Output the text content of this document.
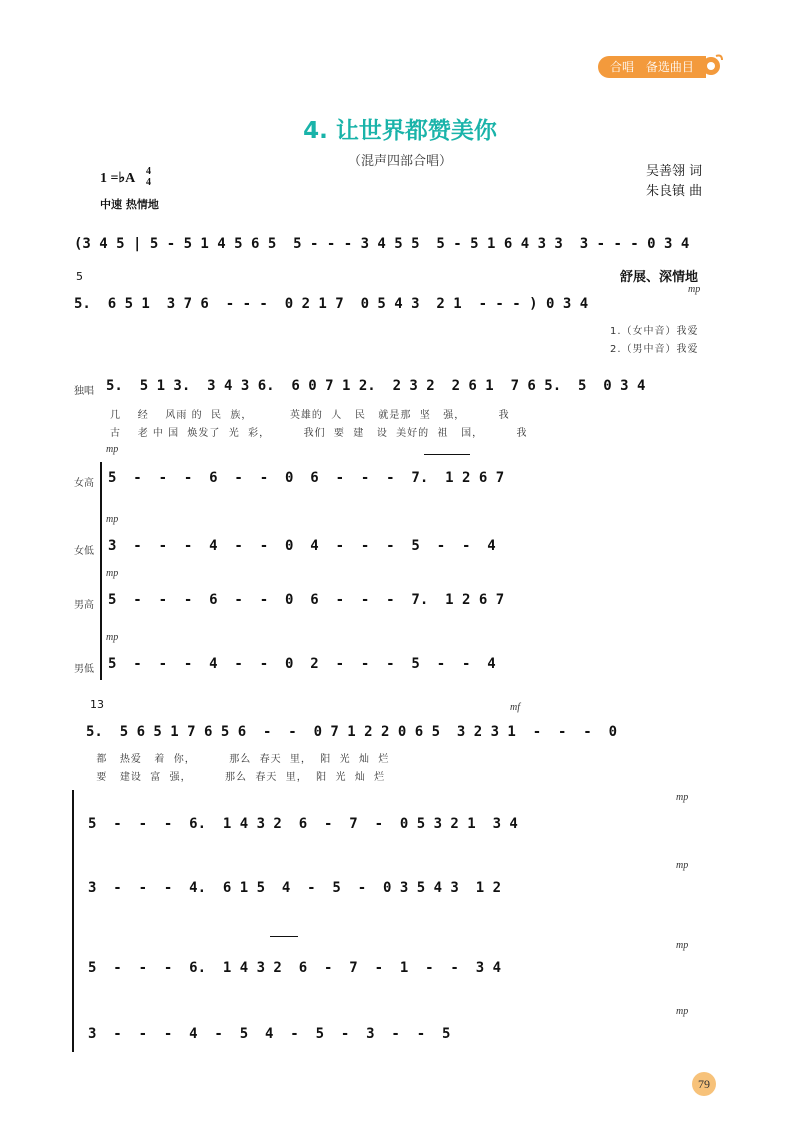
合唱 备选曲目
4. 让世界都赞美你
（混声四部合唱）
吴善翎 词
朱良镇 曲
1 =♭A 4
4
中速 热情地
(3 4 5 | 5 - 5 1 4 5 6 5  5 - - - 3 4 5 5  5 - 5 1 6 4 3 3  3 - - - 0 3 4
5	舒展、深情地
mp
5.  6 5 1  3 7 6  - - -  0 2 1 7  0 5 4 3  2 1  - - - ) 0 3 4
1.（女中音）我爱
2.（男中音）我爱
独唱 5.  5 1 3.  3 4 3 6.  6 0 7 1 2.  2 3 2  2 6 1  7 6 5.  5  0 3 4
几    经    风雨 的  民  族，         英雄的  人   民   就是那  坚   强，        我
古    老 中 国  焕发了  光  彩，        我们  要  建   设  美好的  祖   国，        我
mp
女高 5  -  -  -  6  -  -  0  6  -  -  -  7.  1 2 6 7
mp
女低 3  -  -  -  4  -  -  0  4  -  -  -  5  -  -  4
mp
男高 5  -  -  -  6  -  -  0  6  -  -  -  7.  1 2 6 7
mp
男低 5  -  -  -  4  -  -  0  2  -  -  -  5  -  -  4
13	mf
5.  5 6 5 1 7 6 5 6  -  -  0 7 1 2 2 0 6 5  3 2 3 1  -  -  -  0
都   热爱   着  你，        那么  春天  里，  阳  光  灿  烂
要   建设  富  强，        那么  春天  里，  阳  光  灿  烂
mp
5  -  -  -  6.  1 4 3 2  6  -  7  -  0 5 3 2 1  3 4
mp
3  -  -  -  4.  6 1 5  4  -  5  -  0 3 5 4 3  1 2
mp
5  -  -  -  6.  1 4 3 2  6  -  7  -  1  -  -  3 4
mp
3  -  -  -  4  -  5  4  -  5  -  3  -  -  5
79
